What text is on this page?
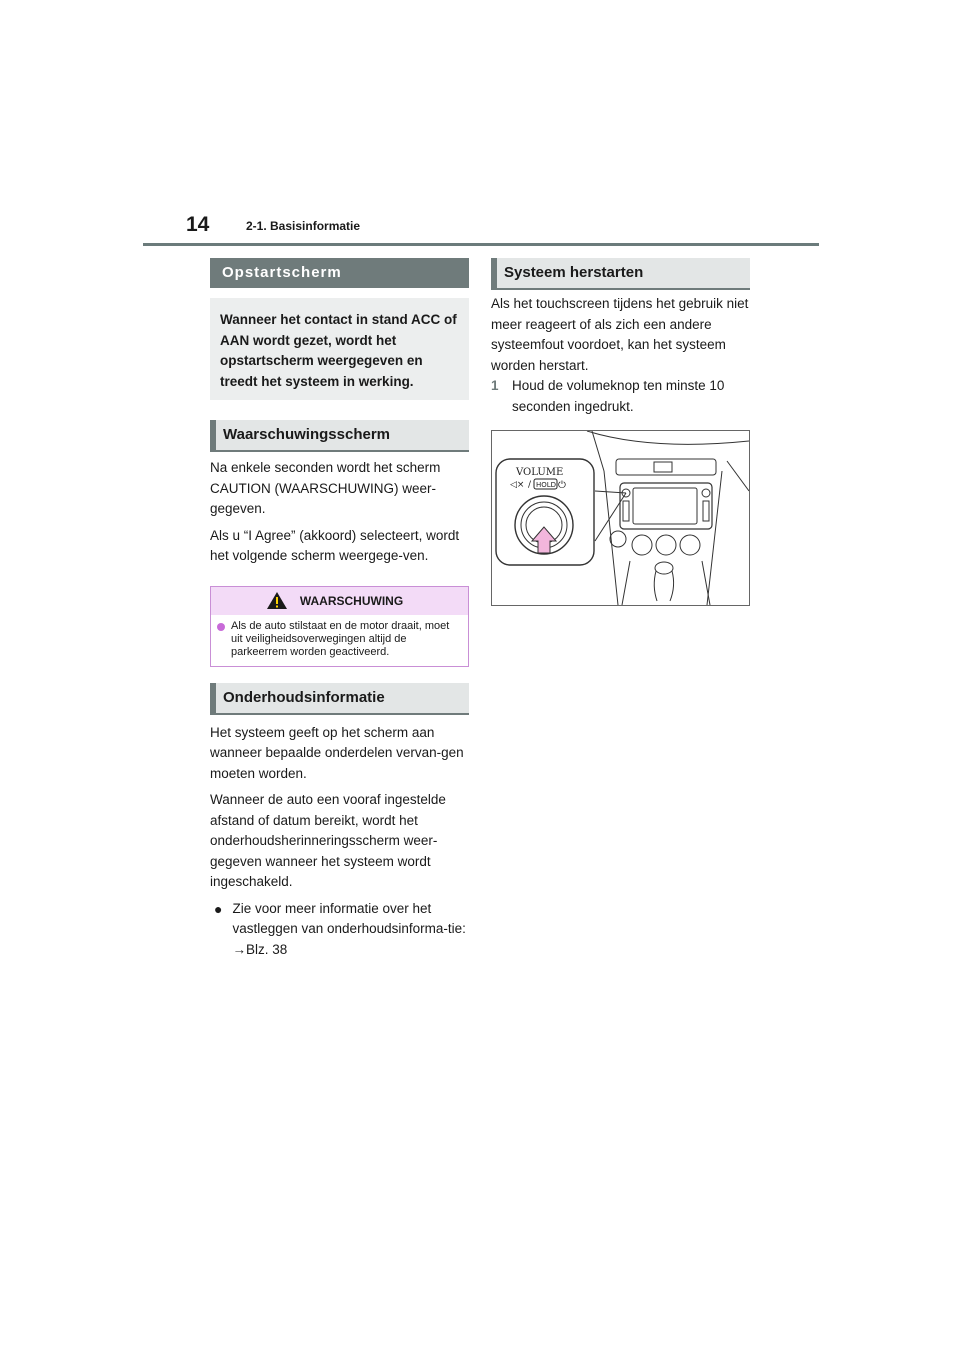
14	2-1. Basisinformatie
Opstartscherm
Wanneer het contact in stand ACC of AAN wordt gezet, wordt het opstartscherm weergegeven en treedt het systeem in werking.
Waarschuwingsscherm

Na enkele seconden wordt het scherm CAUTION (WAARSCHUWING) weer-gegeven.

Als u “I Agree” (akkoord) selecteert, wordt het volgende scherm weergege-ven.

WAARSCHUWING
Als de auto stilstaat en de motor draait, moet uit veiligheidsoverwegingen altijd de parkeerrem worden geactiveerd.
Onderhoudsinformatie

Het systeem geeft op het scherm aan wanneer bepaalde onderdelen vervan-gen moeten worden.

Wanneer de auto een vooraf ingestelde afstand of datum bereikt, wordt het onderhoudsherinneringsscherm weer-gegeven wanneer het systeem wordt ingeschakeld.

● Zie voor meer informatie over het vastleggen van onderhoudsinforma-tie: →Blz. 38
Systeem herstarten

Als het touchscreen tijdens het gebruik niet meer reageert of als zich een andere systeemfout voordoet, kan het systeem worden herstart.

1 Houd de volumeknop ten minste 10 seconden ingedrukt.
VOLUME
◁× / HOLD ⏻
